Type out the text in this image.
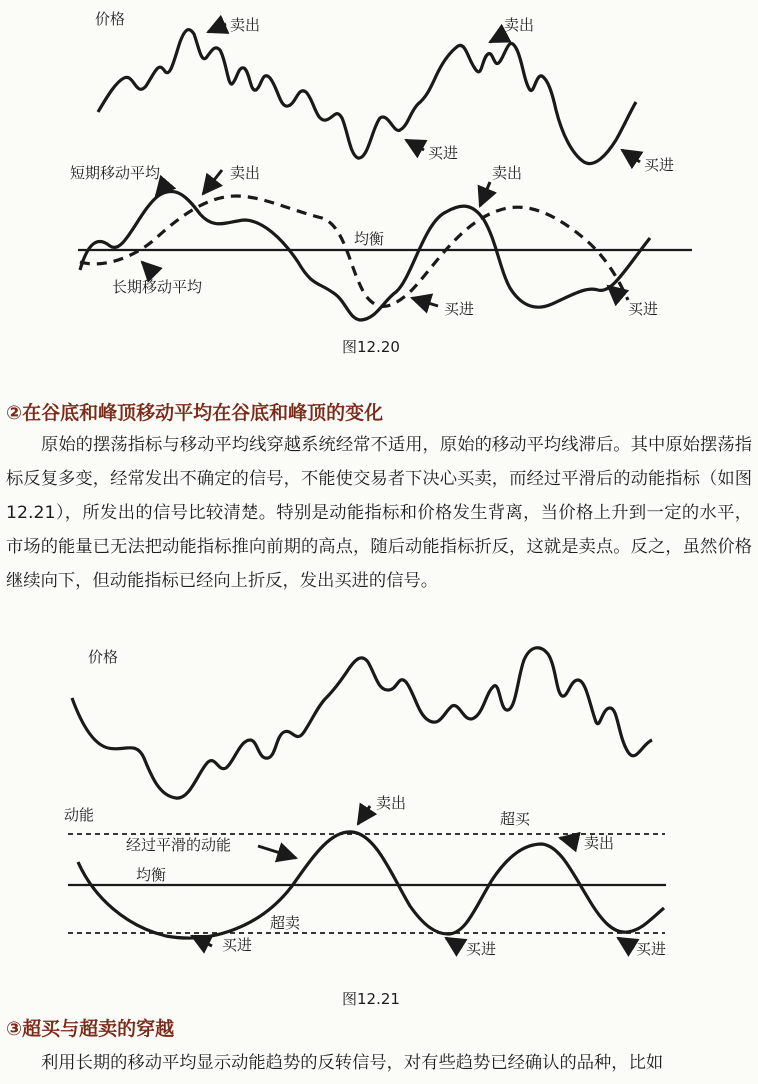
价格	卖出	卖出
买进
买进
短期移动平均	卖出	卖出
均衡
长期移动平均
买进	买进
图12.20
②在谷底和峰顶移动平均在谷底和峰顶的变化

原始的摆荡指标与移动平均线穿越系统经常不适用，原始的移动平均线滞后。其中原始摆荡指标反复多变，经常发出不确定的信号，不能使交易者下决心买卖，而经过平滑后的动能指标（如图 12.21），所发出的信号比较清楚。特别是动能指标和价格发生背离，当价格上升到一定的水平，市场的能量已无法把动能指标推向前期的高点，随后动能指标折反，这就是卖点。反之，虽然价格继续向下，但动能指标已经向上折反，发出买进的信号。

价格
动能
经过平滑的动能
均衡
超买
超卖
卖出
卖出
买进	买进	买进
图12.21
③超买与超卖的穿越

利用长期的移动平均显示动能趋势的反转信号，对有些趋势已经确认的品种，比如
